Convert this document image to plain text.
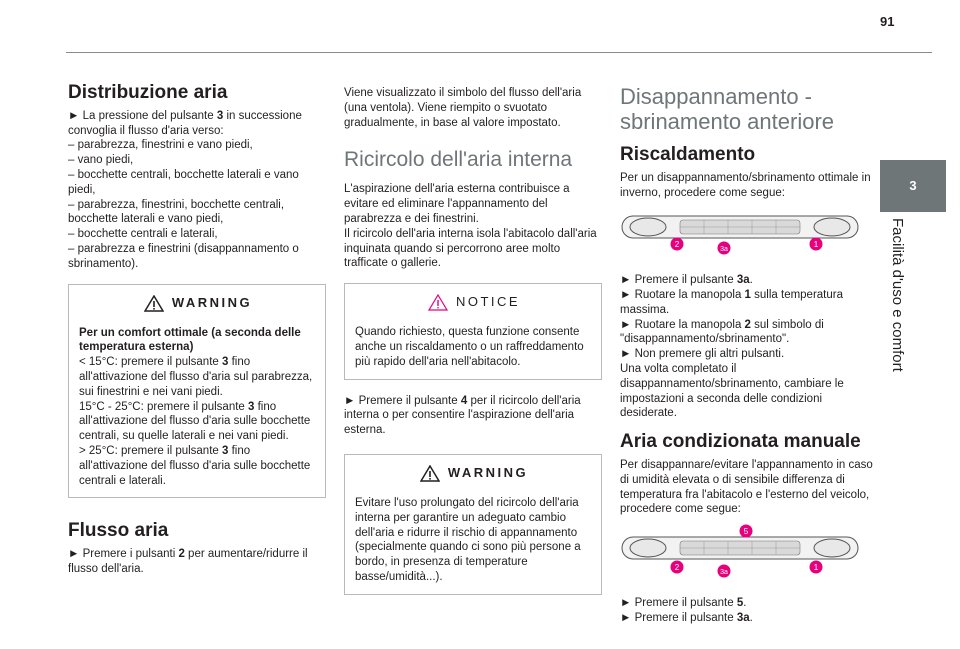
91
3
Facilità d'uso e comfort
Distribuzione aria

► La pressione del pulsante 3 in successione convoglia il flusso d'aria verso:

– parabrezza, finestrini e vano piedi,

– vano piedi,

– bocchette centrali, bocchette laterali e vano piedi,

– parabrezza, finestrini, bocchette centrali, bocchette laterali e vano piedi,

– bocchette centrali e laterali,

– parabrezza e finestrini (disappannamento o sbrinamento).

WARNING

Per un comfort ottimale (a seconda delle temperatura esterna)

< 15°C: premere il pulsante 3 fino all'attivazione del flusso d'aria sul parabrezza, sui finestrini e nei vani piedi.

15°C - 25°C: premere il pulsante 3 fino all'attivazione del flusso d'aria sulle bocchette centrali, su quelle laterali e nei vani piedi.

> 25°C: premere il pulsante 3 fino all'attivazione del flusso d'aria sulle bocchette centrali e laterali.

Flusso aria

► Premere i pulsanti 2 per aumentare/ridurre il flusso dell'aria.

Viene visualizzato il simbolo del flusso dell'aria (una ventola). Viene riempito o svuotato gradualmente, in base al valore impostato.

Ricircolo dell'aria interna

L'aspirazione dell'aria esterna contribuisce a evitare ed eliminare l'appannamento del parabrezza e dei finestrini.

Il ricircolo dell'aria interna isola l'abitacolo dall'aria inquinata quando si percorrono aree molto trafficate o gallerie.

NOTICE

Quando richiesto, questa funzione consente anche un riscaldamento o un raffreddamento più rapido dell'aria nell'abitacolo.

► Premere il pulsante 4 per il ricircolo dell'aria interna o per consentire l'aspirazione dell'aria esterna.

WARNING

Evitare l'uso prolungato del ricircolo dell'aria interna per garantire un adeguato cambio dell'aria e ridurre il rischio di appannamento (specialmente quando ci sono più persone a bordo, in presenza di temperature basse/umidità...).

Disappannamento - sbrinamento anteriore
Riscaldamento

Per un disappannamento/sbrinamento ottimale in inverno, procedere come segue:

2
3a
1

► Premere il pulsante 3a.

► Ruotare la manopola 1 sulla temperatura massima.

► Ruotare la manopola 2 sul simbolo di "disappannamento/sbrinamento".

► Non premere gli altri pulsanti.

Una volta completato il disappannamento/sbrinamento, cambiare le impostazioni a seconda delle condizioni desiderate.

Aria condizionata manuale

Per disappannare/evitare l'appannamento in caso di umidità elevata o di sensibile differenza di temperatura fra l'abitacolo e l'esterno del veicolo, procedere come segue:

5
2
3a
1

► Premere il pulsante 5.

► Premere il pulsante 3a.
